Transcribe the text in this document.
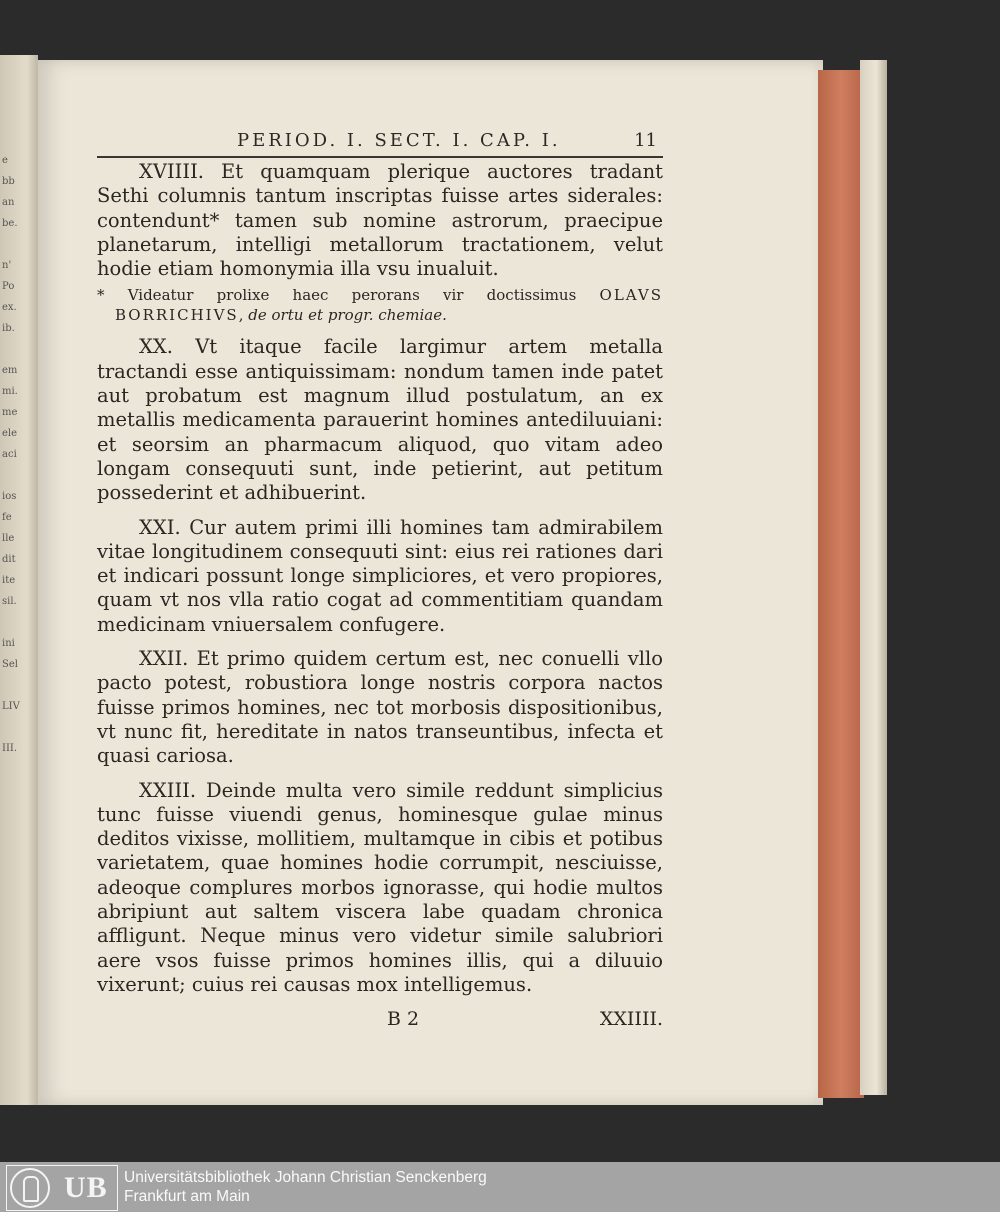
e
bb
an
be.

n'
Po
ex.
ib.

em
mi.
me
ele
aci

ios
fe
lle
dit
ite
sil.

ini
Sel

LIV

III.
PERIOD. I. SECT. I. CAP. I.	11

XVIIII. Et quamquam plerique auctores tradant Sethi columnis tantum inscriptas fuisse artes siderales: contendunt* tamen sub nomine astrorum, praecipue planetarum, intelligi metallorum tractationem, velut hodie etiam homonymia illa vsu inualuit.

* Videatur prolixe haec perorans vir doctissimus OLAVS BORRICHIVS, de ortu et progr. chemiae.

XX. Vt itaque facile largimur artem metalla tractandi esse antiquissimam: nondum tamen inde patet aut probatum est magnum illud postulatum, an ex metallis medicamenta parauerint homines antediluuiani: et seorsim an pharmacum aliquod, quo vitam adeo longam consequuti sunt, inde petierint, aut petitum possederint et adhibuerint.

XXI. Cur autem primi illi homines tam admirabilem vitae longitudinem consequuti sint: eius rei rationes dari et indicari possunt longe simpliciores, et vero propiores, quam vt nos vlla ratio cogat ad commentitiam quandam medicinam vniuersalem confugere.

XXII. Et primo quidem certum est, nec conuelli vllo pacto potest, robustiora longe nostris corpora nactos fuisse primos homines, nec tot morbosis dispositionibus, vt nunc fit, hereditate in natos transeuntibus, infecta et quasi cariosa.

XXIII. Deinde multa vero simile reddunt simplicius tunc fuisse viuendi genus, hominesque gulae minus deditos vixisse, mollitiem, multamque in cibis et potibus varietatem, quae homines hodie corrumpit, nesciuisse, adeoque complures morbos ignorasse, qui hodie multos abripiunt aut saltem viscera labe quadam chronica affligunt. Neque minus vero videtur simile salubriori aere vsos fuisse primos homines illis, qui a diluuio vixerunt; cuius rei causas mox intelligemus.

B 2	XXIIII.
UB Universitätsbibliothek Johann Christian Senckenberg
Frankfurt am Main
